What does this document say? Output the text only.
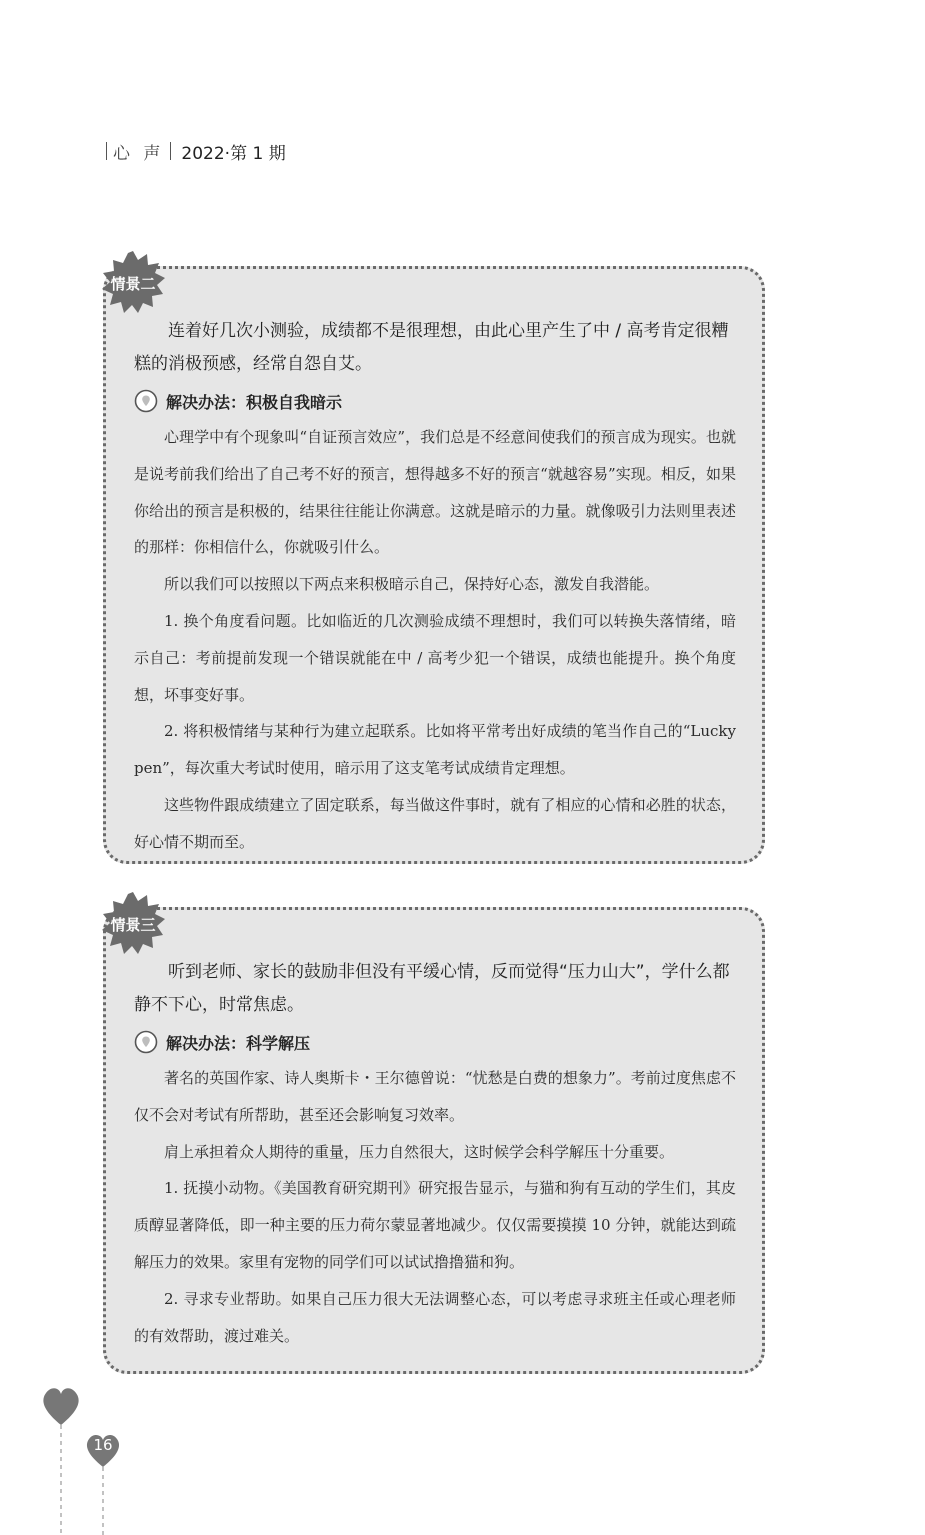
心 声 2022·第 1 期

连着好几次小测验，成绩都不是很理想，由此心里产生了中 / 高考肯定很糟糕的消极预感，经常自怨自艾。

解决办法：积极自我暗示

心理学中有个现象叫“自证预言效应”，我们总是不经意间使我们的预言成为现实。也就是说考前我们给出了自己考不好的预言，想得越多不好的预言“就越容易”实现。相反，如果你给出的预言是积极的，结果往往能让你满意。这就是暗示的力量。就像吸引力法则里表述的那样：你相信什么，你就吸引什么。

所以我们可以按照以下两点来积极暗示自己，保持好心态，激发自我潜能。

1. 换个角度看问题。比如临近的几次测验成绩不理想时，我们可以转换失落情绪，暗示自己：考前提前发现一个错误就能在中 / 高考少犯一个错误，成绩也能提升。换个角度想，坏事变好事。

2. 将积极情绪与某种行为建立起联系。比如将平常考出好成绩的笔当作自己的“Lucky pen”，每次重大考试时使用，暗示用了这支笔考试成绩肯定理想。

这些物件跟成绩建立了固定联系，每当做这件事时，就有了相应的心情和必胜的状态，好心情不期而至。

情景二

听到老师、家长的鼓励非但没有平缓心情，反而觉得“压力山大”，学什么都静不下心，时常焦虑。

解决办法：科学解压

著名的英国作家、诗人奥斯卡・王尔德曾说：“忧愁是白费的想象力”。考前过度焦虑不仅不会对考试有所帮助，甚至还会影响复习效率。

肩上承担着众人期待的重量，压力自然很大，这时候学会科学解压十分重要。

1. 抚摸小动物。《美国教育研究期刊》研究报告显示，与猫和狗有互动的学生们，其皮质醇显著降低，即一种主要的压力荷尔蒙显著地减少。仅仅需要摸摸 10 分钟，就能达到疏解压力的效果。家里有宠物的同学们可以试试撸撸猫和狗。

2. 寻求专业帮助。如果自己压力很大无法调整心态，可以考虑寻求班主任或心理老师的有效帮助，渡过难关。

情景三
16
